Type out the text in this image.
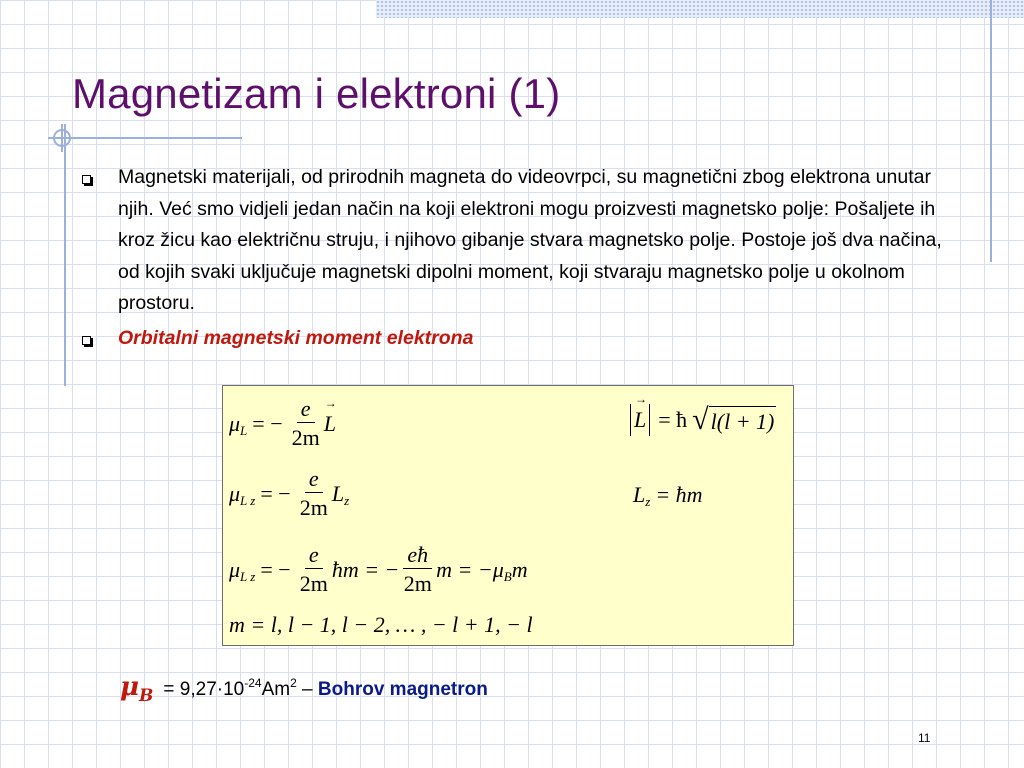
Magnetizam i elektroni (1)
Magnetski materijali, od prirodnih magneta do videovrpci, su magnetični zbog elektrona unutar njih. Već smo vidjeli jedan način na koji elektroni mogu proizvesti magnetsko polje: Pošaljete ih kroz žicu kao električnu struju, i njihovo gibanje stvara magnetsko polje. Postoje još dva načina, od kojih svaki uključuje magnetski dipolni moment, koji stvaraju magnetsko polje u okolnom prostoru.
Orbitalni magnetski moment elektrona
μ L = − $\frac{e}{2m}$
→ L
→	L = ħ √ l(l + 1)
μ L z = − $\frac{e}{2m}$ L z	L z = ħm
μ L z = − $\frac{e}{2m}$ ħm = − $\frac{eħ}{2m}$ m = −μ B m
m = l, l − 1, l − 2, … , − l + 1, − l
μ B = 9,27·10 -24 Am 2 – Bohrov magnetron
11
